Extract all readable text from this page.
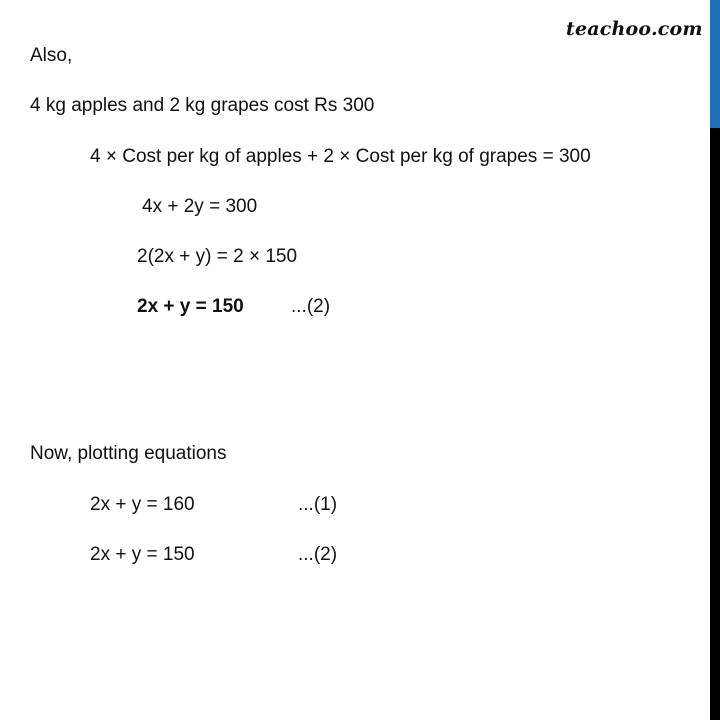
teachoo.com
Also,
4 kg apples and 2 kg grapes cost Rs 300
4 × Cost per kg of apples + 2 × Cost per kg of grapes = 300
4x + 2y = 300
2(2x + y) = 2 × 150
2x + y = 150 ...(2)
Now, plotting equations
2x + y = 160	...(1)
2x + y = 150	...(2)
